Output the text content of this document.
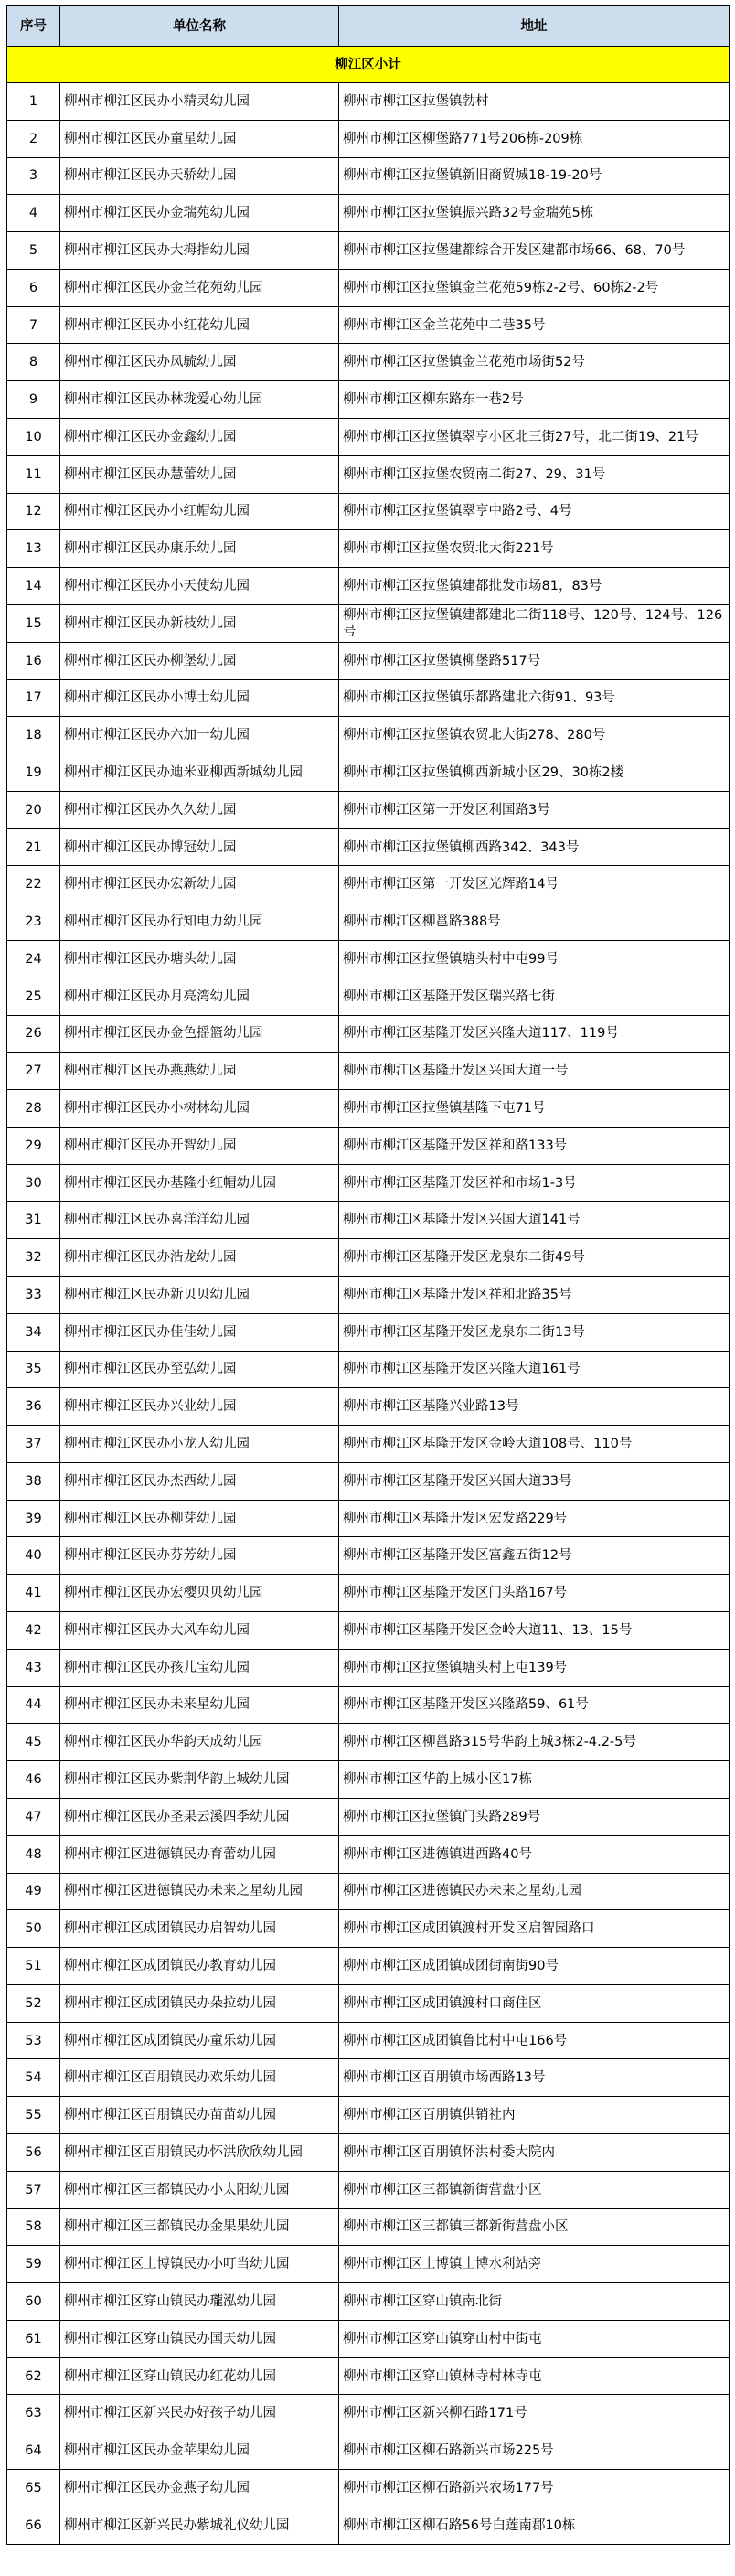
序号	单位名称	地址
柳江区小计		
1	柳州市柳江区民办小精灵幼儿园	柳州市柳江区拉堡镇勃村
2	柳州市柳江区民办童星幼儿园	柳州市柳江区柳堡路771号206栋-209栋
3	柳州市柳江区民办天骄幼儿园	柳州市柳江区拉堡镇新旧商贸城18-19-20号
4	柳州市柳江区民办金瑞苑幼儿园	柳州市柳江区拉堡镇振兴路32号金瑞苑5栋
5	柳州市柳江区民办大拇指幼儿园	柳州市柳江区拉堡建都综合开发区建都市场66、68、70号
6	柳州市柳江区民办金兰花苑幼儿园	柳州市柳江区拉堡镇金兰花苑59栋2-2号、60栋2-2号
7	柳州市柳江区民办小红花幼儿园	柳州市柳江区金兰花苑中二巷35号
8	柳州市柳江区民办凤毓幼儿园	柳州市柳江区拉堡镇金兰花苑市场街52号
9	柳州市柳江区民办林珑爱心幼儿园	柳州市柳江区柳东路东一巷2号
10	柳州市柳江区民办金鑫幼儿园	柳州市柳江区拉堡镇翠亨小区北三街27号，北二街19、21号
11	柳州市柳江区民办慧蕾幼儿园	柳州市柳江区拉堡农贸南二街27、29、31号
12	柳州市柳江区民办小红帽幼儿园	柳州市柳江区拉堡镇翠亨中路2号、4号
13	柳州市柳江区民办康乐幼儿园	柳州市柳江区拉堡农贸北大街221号
14	柳州市柳江区民办小天使幼儿园	柳州市柳江区拉堡镇建都批发市场81，83号
15	柳州市柳江区民办新枝幼儿园	柳州市柳江区拉堡镇建都建北二街118号、120号、124号、126号
16	柳州市柳江区民办柳堡幼儿园	柳州市柳江区拉堡镇柳堡路517号
17	柳州市柳江区民办小博士幼儿园	柳州市柳江区拉堡镇乐都路建北六街91、93号
18	柳州市柳江区民办六加一幼儿园	柳州市柳江区拉堡镇农贸北大街278、280号
19	柳州市柳江区民办迪米亚柳西新城幼儿园	柳州市柳江区拉堡镇柳西新城小区29、30栋2楼
20	柳州市柳江区民办久久幼儿园	柳州市柳江区第一开发区利国路3号
21	柳州市柳江区民办博冠幼儿园	柳州市柳江区拉堡镇柳西路342、343号
22	柳州市柳江区民办宏新幼儿园	柳州市柳江区第一开发区光辉路14号
23	柳州市柳江区民办行知电力幼儿园	柳州市柳江区柳邕路388号
24	柳州市柳江区民办塘头幼儿园	柳州市柳江区拉堡镇塘头村中屯99号
25	柳州市柳江区民办月亮湾幼儿园	柳州市柳江区基隆开发区瑞兴路七街
26	柳州市柳江区民办金色摇篮幼儿园	柳州市柳江区基隆开发区兴隆大道117、119号
27	柳州市柳江区民办燕燕幼儿园	柳州市柳江区基隆开发区兴国大道一号
28	柳州市柳江区民办小树林幼儿园	柳州市柳江区拉堡镇基隆下屯71号
29	柳州市柳江区民办开智幼儿园	柳州市柳江区基隆开发区祥和路133号
30	柳州市柳江区民办基隆小红帽幼儿园	柳州市柳江区基隆开发区祥和市场1-3号
31	柳州市柳江区民办喜洋洋幼儿园	柳州市柳江区基隆开发区兴国大道141号
32	柳州市柳江区民办浩龙幼儿园	柳州市柳江区基隆开发区龙泉东二街49号
33	柳州市柳江区民办新贝贝幼儿园	柳州市柳江区基隆开发区祥和北路35号
34	柳州市柳江区民办佳佳幼儿园	柳州市柳江区基隆开发区龙泉东二街13号
35	柳州市柳江区民办至弘幼儿园	柳州市柳江区基隆开发区兴隆大道161号
36	柳州市柳江区民办兴业幼儿园	柳州市柳江区基隆兴业路13号
37	柳州市柳江区民办小龙人幼儿园	柳州市柳江区基隆开发区金岭大道108号、110号
38	柳州市柳江区民办杰西幼儿园	柳州市柳江区基隆开发区兴国大道33号
39	柳州市柳江区民办柳芽幼儿园	柳州市柳江区基隆开发区宏发路229号
40	柳州市柳江区民办芬芳幼儿园	柳州市柳江区基隆开发区富鑫五街12号
41	柳州市柳江区民办宏樱贝贝幼儿园	柳州市柳江区基隆开发区门头路167号
42	柳州市柳江区民办大风车幼儿园	柳州市柳江区基隆开发区金岭大道11、13、15号
43	柳州市柳江区民办孩儿宝幼儿园	柳州市柳江区拉堡镇塘头村上屯139号
44	柳州市柳江区民办未来星幼儿园	柳州市柳江区基隆开发区兴隆路59、61号
45	柳州市柳江区民办华韵天成幼儿园	柳州市柳江区柳邕路315号华韵上城3栋2-4.2-5号
46	柳州市柳江区民办紫荆华韵上城幼儿园	柳州市柳江区华韵上城小区17栋
47	柳州市柳江区民办圣果云溪四季幼儿园	柳州市柳江区拉堡镇门头路289号
48	柳州市柳江区进德镇民办育蕾幼儿园	柳州市柳江区进德镇进西路40号
49	柳州市柳江区进德镇民办未来之星幼儿园	柳州市柳江区进德镇民办未来之星幼儿园
50	柳州市柳江区成团镇民办启智幼儿园	柳州市柳江区成团镇渡村开发区启智园路口
51	柳州市柳江区成团镇民办教育幼儿园	柳州市柳江区成团镇成团街南街90号
52	柳州市柳江区成团镇民办朵拉幼儿园	柳州市柳江区成团镇渡村口商住区
53	柳州市柳江区成团镇民办童乐幼儿园	柳州市柳江区成团镇鲁比村中屯166号
54	柳州市柳江区百朋镇民办欢乐幼儿园	柳州市柳江区百朋镇市场西路13号
55	柳州市柳江区百朋镇民办苗苗幼儿园	柳州市柳江区百朋镇供销社内
56	柳州市柳江区百朋镇民办怀洪欣欣幼儿园	柳州市柳江区百朋镇怀洪村委大院内
57	柳州市柳江区三都镇民办小太阳幼儿园	柳州市柳江区三都镇新街营盘小区
58	柳州市柳江区三都镇民办金果果幼儿园	柳州市柳江区三都镇三都新街营盘小区
59	柳州市柳江区土博镇民办小叮当幼儿园	柳州市柳江区土博镇土博水利站旁
60	柳州市柳江区穿山镇民办瓏泓幼儿园	柳州市柳江区穿山镇南北街
61	柳州市柳江区穿山镇民办国天幼儿园	柳州市柳江区穿山镇穿山村中街屯
62	柳州市柳江区穿山镇民办红花幼儿园	柳州市柳江区穿山镇林寺村林寺屯
63	柳州市柳江区新兴民办好孩子幼儿园	柳州市柳江区新兴柳石路171号
64	柳州市柳江区民办金苹果幼儿园	柳州市柳江区柳石路新兴市场225号
65	柳州市柳江区民办金燕子幼儿园	柳州市柳江区柳石路新兴农场177号
66	柳州市柳江区新兴民办紫城礼仪幼儿园	柳州市柳江区柳石路56号白莲南郡10栋
